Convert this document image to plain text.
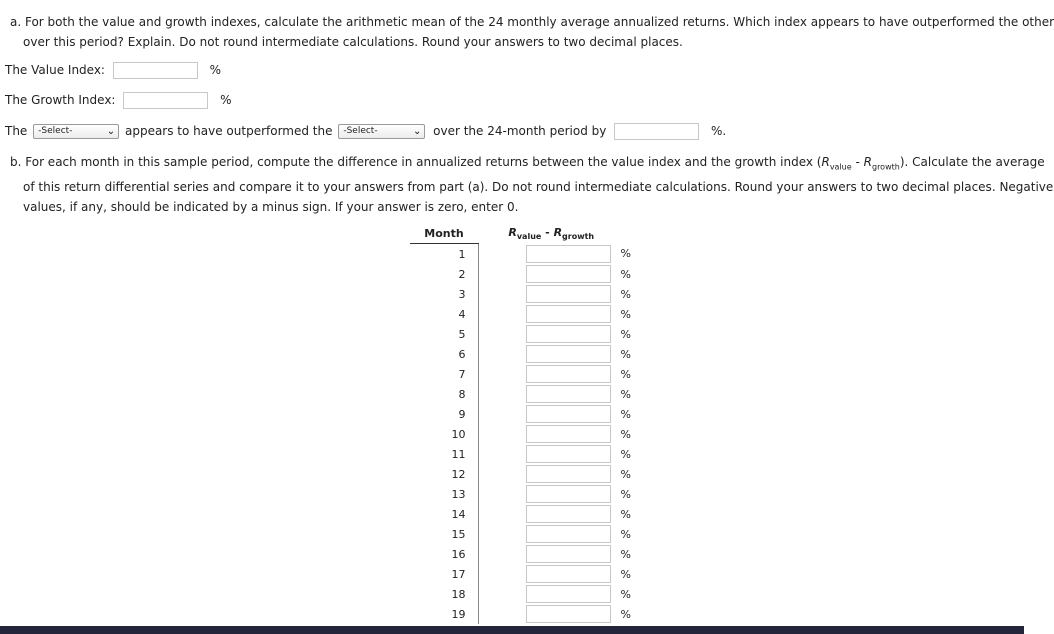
a. For both the value and growth indexes, calculate the arithmetic mean of the 24 monthly average annualized returns. Which index appears to have outperformed the other
over this period? Explain. Do not round intermediate calculations. Round your answers to two decimal places.
The Value Index:	%
The Growth Index:	%
The -Select-	⌄ appears to have outperformed the -Select-	⌄ over the 24-month period by	%.
b. For each month in this sample period, compute the difference in annualized returns between the value index and the growth index $(R_{value} - R_{growth})$. Calculate the average
of this return differential series and compare it to your answers from part (a). Do not round intermediate calculations. Round your answers to two decimal places. Negative
values, if any, should be indicated by a minus sign. If your answer is zero, enter 0.
Month	$R_{value} - R_{growth}$	
1		%
2		%
3		%
4		%
5		%
6		%
7		%
8		%
9		%
10		%
11		%
12		%
13		%
14		%
15		%
16		%
17		%
18		%
19		%
